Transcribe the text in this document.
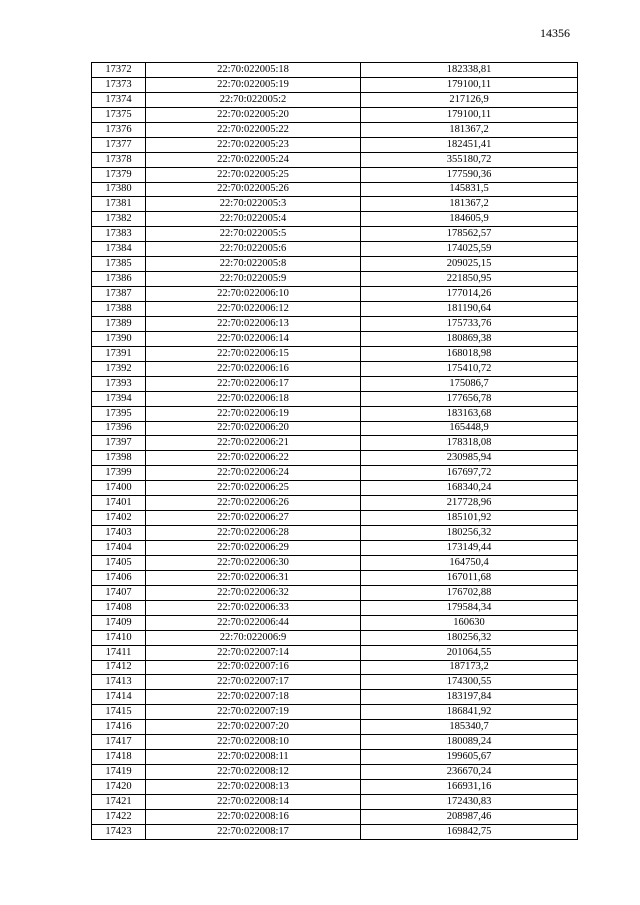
14356
17372	22:70:022005:18	182338,81
17373	22:70:022005:19	179100,11
17374	22:70:022005:2	217126,9
17375	22:70:022005:20	179100,11
17376	22:70:022005:22	181367,2
17377	22:70:022005:23	182451,41
17378	22:70:022005:24	355180,72
17379	22:70:022005:25	177590,36
17380	22:70:022005:26	145831,5
17381	22:70:022005:3	181367,2
17382	22:70:022005:4	184605,9
17383	22:70:022005:5	178562,57
17384	22:70:022005:6	174025,59
17385	22:70:022005:8	209025,15
17386	22:70:022005:9	221850,95
17387	22:70:022006:10	177014,26
17388	22:70:022006:12	181190,64
17389	22:70:022006:13	175733,76
17390	22:70:022006:14	180869,38
17391	22:70:022006:15	168018,98
17392	22:70:022006:16	175410,72
17393	22:70:022006:17	175086,7
17394	22:70:022006:18	177656,78
17395	22:70:022006:19	183163,68
17396	22:70:022006:20	165448,9
17397	22:70:022006:21	178318,08
17398	22:70:022006:22	230985,94
17399	22:70:022006:24	167697,72
17400	22:70:022006:25	168340,24
17401	22:70:022006:26	217728,96
17402	22:70:022006:27	185101,92
17403	22:70:022006:28	180256,32
17404	22:70:022006:29	173149,44
17405	22:70:022006:30	164750,4
17406	22:70:022006:31	167011,68
17407	22:70:022006:32	176702,88
17408	22:70:022006:33	179584,34
17409	22:70:022006:44	160630
17410	22:70:022006:9	180256,32
17411	22:70:022007:14	201064,55
17412	22:70:022007:16	187173,2
17413	22:70:022007:17	174300,55
17414	22:70:022007:18	183197,84
17415	22:70:022007:19	186841,92
17416	22:70:022007:20	185340,7
17417	22:70:022008:10	180089,24
17418	22:70:022008:11	199605,67
17419	22:70:022008:12	236670,24
17420	22:70:022008:13	166931,16
17421	22:70:022008:14	172430,83
17422	22:70:022008:16	208987,46
17423	22:70:022008:17	169842,75
